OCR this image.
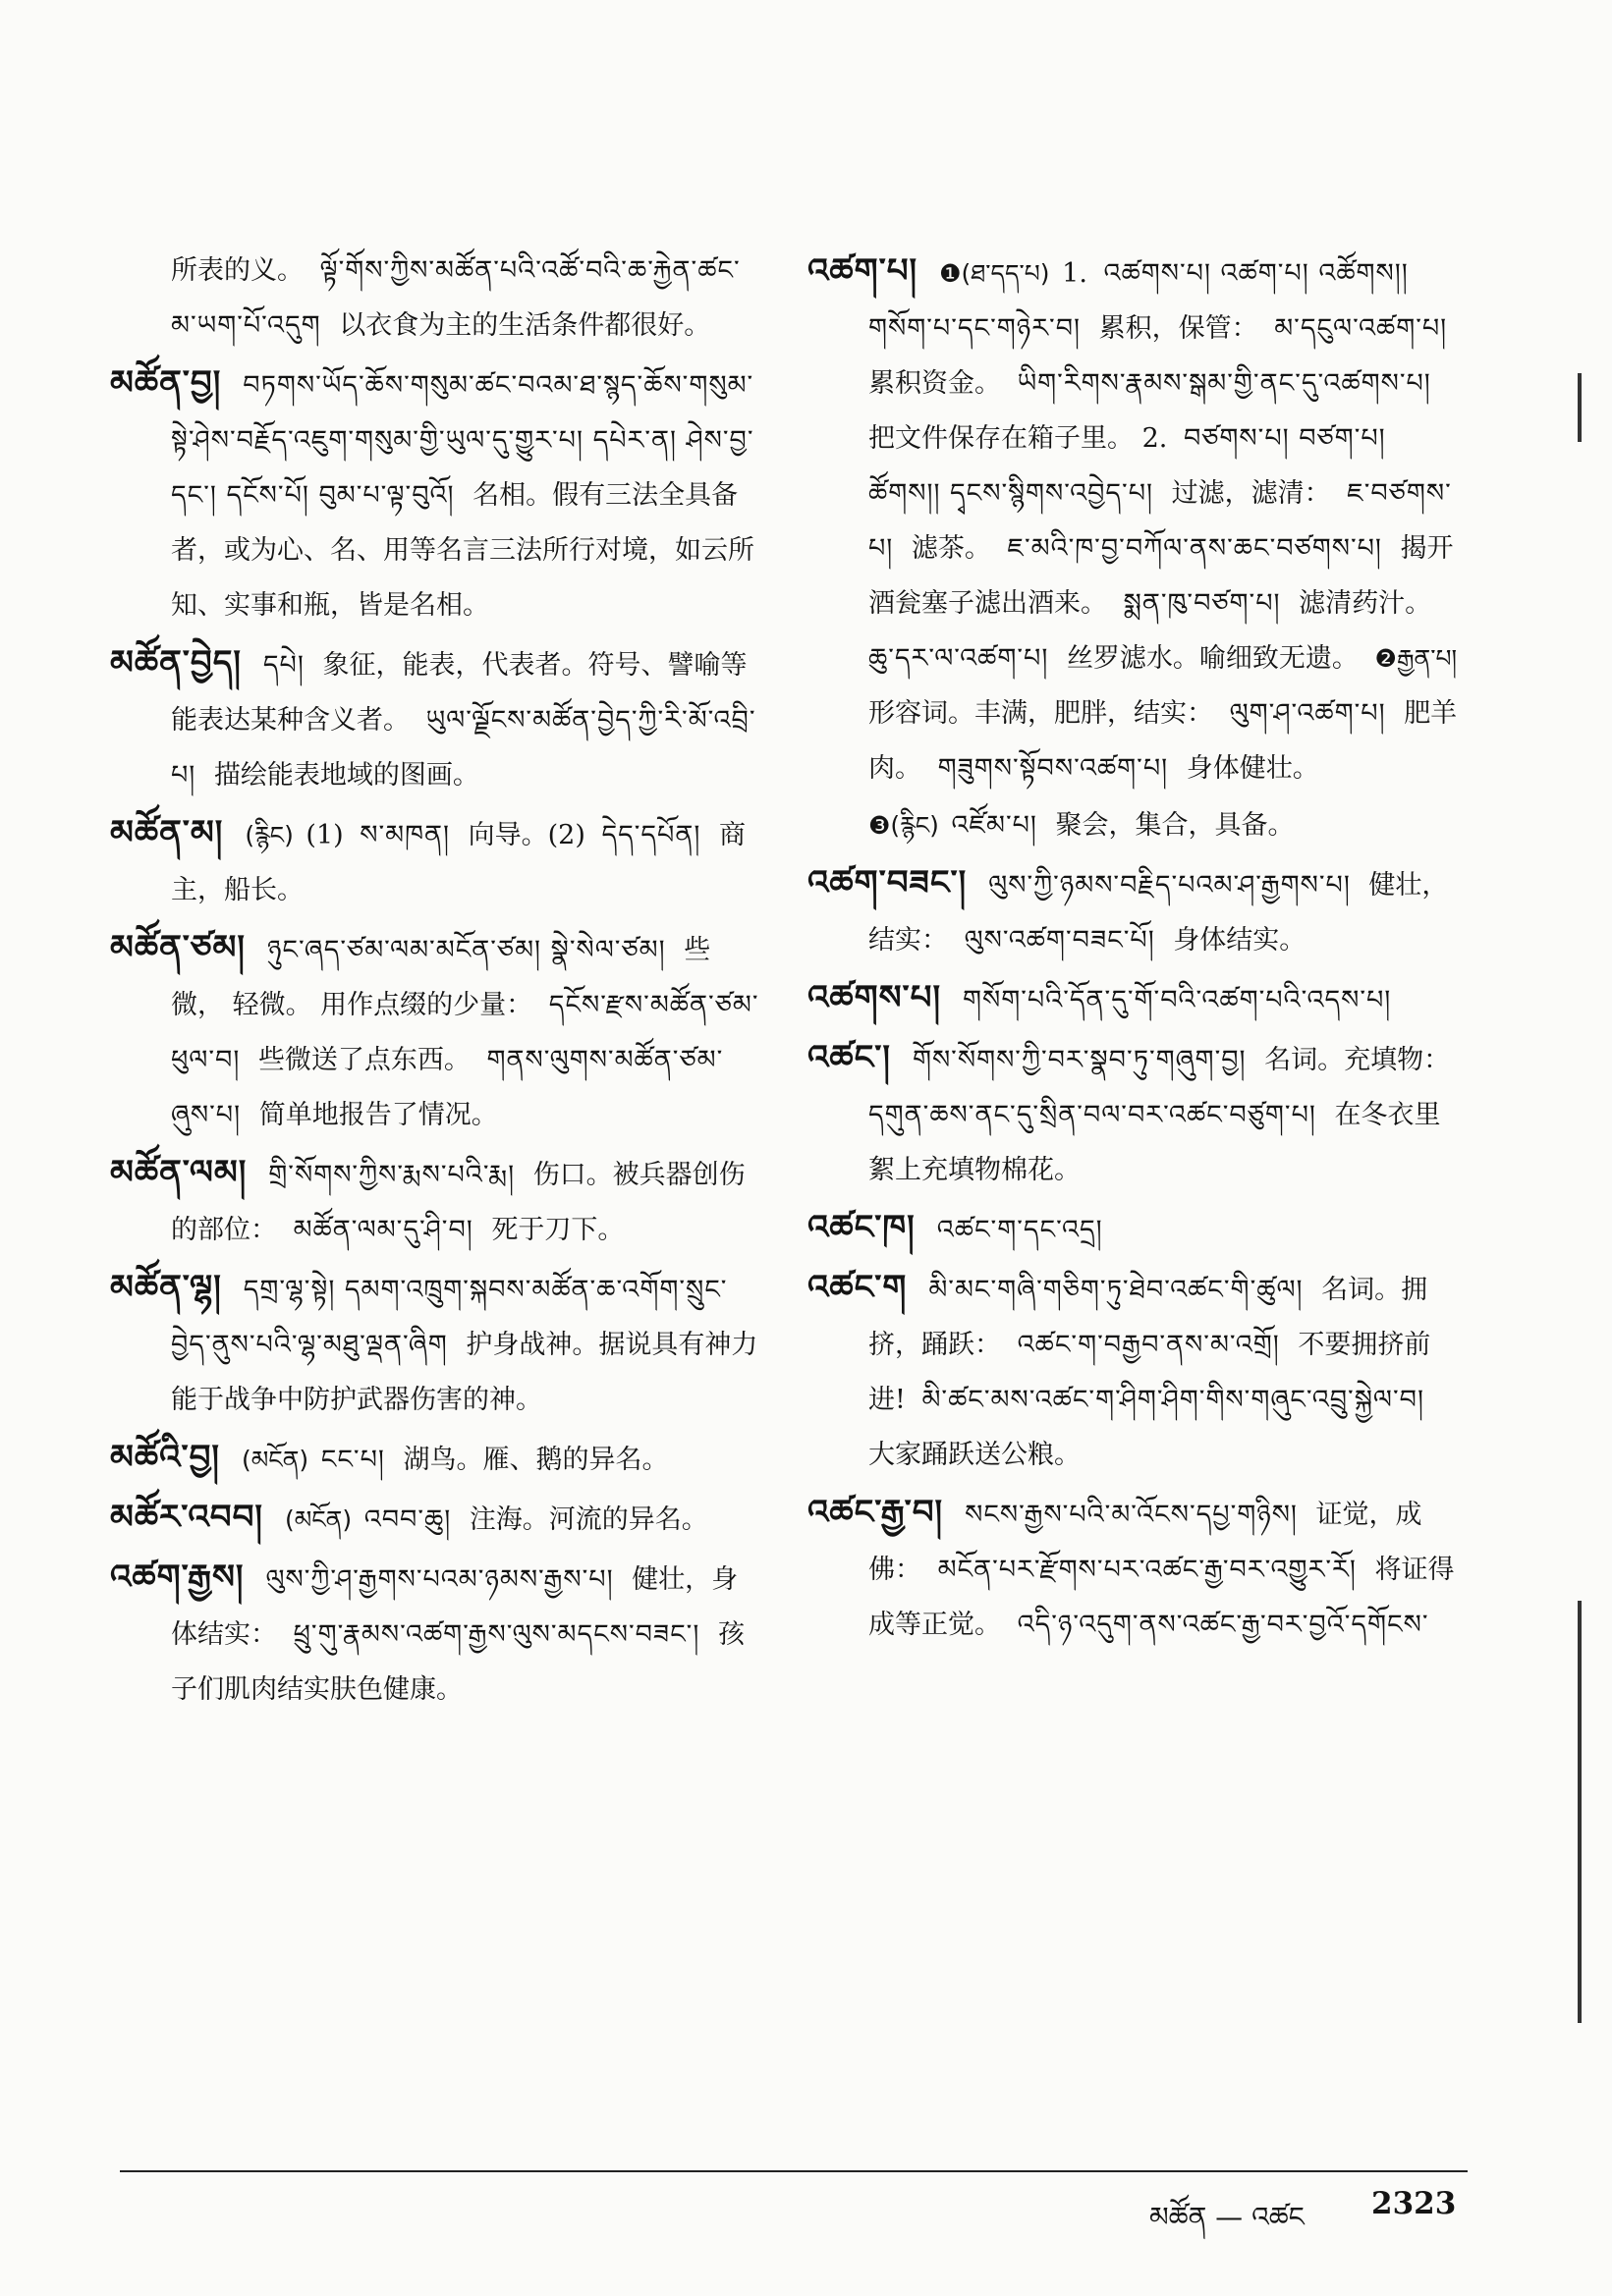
所表的义。 ལྟོ་གོས་ཀྱིས་མཚོན་པའི་འཚོ་བའི་ཆ་རྐྱེན་ཚང་མ་ཡག་པོ་འདུག 以衣食为主的生活条件都很好。
མཚོན་བྱ། བཏགས་ཡོད་ཆོས་གསུམ་ཚང་བའམ་ཐ་སྙད་ཆོས་གསུམ་སྟེ་ཤེས་བརྗོད་འཇུག་གསུམ་གྱི་ཡུལ་དུ་གྱུར་པ། དཔེར་ན། ཤེས་བྱ་དང་། དངོས་པོ། བུམ་པ་ལྟ་བུའོ། 名相。假有三法全具备者，或为心、名、用等名言三法所行对境，如云所知、实事和瓶，皆是名相。
མཚོན་བྱེད། དཔེ། 象征，能表，代表者。符号、譬喻等能表达某种含义者。 ཡུལ་ལྗོངས་མཚོན་བྱེད་ཀྱི་རི་མོ་འབྲི་པ། 描绘能表地域的图画。
མཚོན་མ། (རྙིང) (1) ས་མཁན། 向导。(2) དེད་དཔོན། 商主，船长。
མཚོན་ཙམ། ཉུང་ཞད་ཙམ་ལམ་མངོན་ཙམ། སྣེ་སེལ་ཙམ། 些微， 轻微。 用作点缀的少量： དངོས་རྫས་མཚོན་ཙམ་ཕུལ་བ། 些微送了点东西。 གནས་ལུགས་མཚོན་ཙམ་ཞུས་པ། 简单地报告了情况。
མཚོན་ལམ། གྲི་སོགས་ཀྱིས་རྨས་པའི་རྨ། 伤口。被兵器创伤的部位： མཚོན་ལམ་དུ་ཤི་བ། 死于刀下。
མཚོན་ལྷ། དགྲ་ལྷ་སྟེ། དམག་འཁྲུག་སྐབས་མཚོན་ཆ་འགོག་སྲུང་བྱེད་ནུས་པའི་ལྷ་མཐུ་ལྡན་ཞིག 护身战神。据说具有神力能于战争中防护武器伤害的神。
མཚོའི་བྱ། (མངོན) ངང་པ། 湖鸟。雁、鹅的异名。
མཚོར་འབབ། (མངོན) འབབ་ཆུ། 注海。河流的异名。
འཚག་རྒྱས། ལུས་ཀྱི་ཤ་རྒྱགས་པའམ་ཉམས་རྒྱས་པ། 健壮，身体结实： ཕྲུ་གུ་རྣམས་འཚག་རྒྱས་ལུས་མདངས་བཟང་། 孩子们肌肉结实肤色健康。
འཚག་པ། ❶(ཐ་དད་པ) 1. འཚགས་པ། འཚག་པ། འཚོགས།། གསོག་པ་དང་གཉེར་བ། 累积，保管： མ་དངུལ་འཚག་པ། 累积资金。 ཡིག་རིགས་རྣམས་སྒམ་གྱི་ནང་དུ་འཚགས་པ། 把文件保存在箱子里。 2. བཙགས་པ། བཙག་པ། ཚོགས།། དྭངས་སྙིགས་འབྱེད་པ། 过滤，滤清： ཇ་བཙགས་པ། 滤茶。 ཇ་མའི་ཁ་བྱ་བཀོལ་ནས་ཆང་བཙགས་པ། 揭开酒瓮塞子滤出酒来。 སྨན་ཁུ་བཙག་པ། 滤清药汁。 ཆུ་དར་ལ་འཚག་པ། 丝罗滤水。喻细致无遗。 ❷རྒྱན་པ། 形容词。丰满，肥胖，结实： ལུག་ཤ་འཚག་པ། 肥羊肉。 གཟུགས་སྟོབས་འཚག་པ། 身体健壮。
❸(རྙིང) འཛོམ་པ། 聚会，集合，具备。
འཚག་བཟང་། ལུས་ཀྱི་ཉམས་བརྗིད་པའམ་ཤ་རྒྱགས་པ། 健壮，结实： ལུས་འཚག་བཟང་པོ། 身体结实。
འཚགས་པ། གསོག་པའི་དོན་དུ་གོ་བའི་འཚག་པའི་འདས་པ།
འཚང་། གོས་སོགས་ཀྱི་བར་སྣབ་ཏུ་གཞུག་བྱ། 名词。充填物： དགུན་ཆས་ནང་དུ་སྲིན་བལ་བར་འཚང་བཙུག་པ། 在冬衣里絮上充填物棉花。
འཚང་ཁ། འཚང་ག་དང་འདྲ།
འཚང་ག མི་མང་གཞི་གཅིག་ཏུ་ཐེབ་འཚང་གི་ཚུལ། 名词。拥挤，踊跃： འཚང་ག་བརྒྱབ་ནས་མ་འགྲོ། 不要拥挤前进! མི་ཚང་མས་འཚང་ག་ཤིག་ཤིག་གིས་གཞུང་འབྲུ་སྐྱེལ་བ། 大家踊跃送公粮。
འཚང་རྒྱ་བ། སངས་རྒྱས་པའི་མ་འོངས་དཔྱ་གཉིས། 证觉，成佛： མངོན་པར་རྫོགས་པར་འཚང་རྒྱ་བར་འགྱུར་རོ། 将证得成等正觉。 འདི་ཉ་འདུག་ནས་འཚང་རྒྱ་བར་བྱའོ་དགོངས་
མཚོན — འཚང 2323
